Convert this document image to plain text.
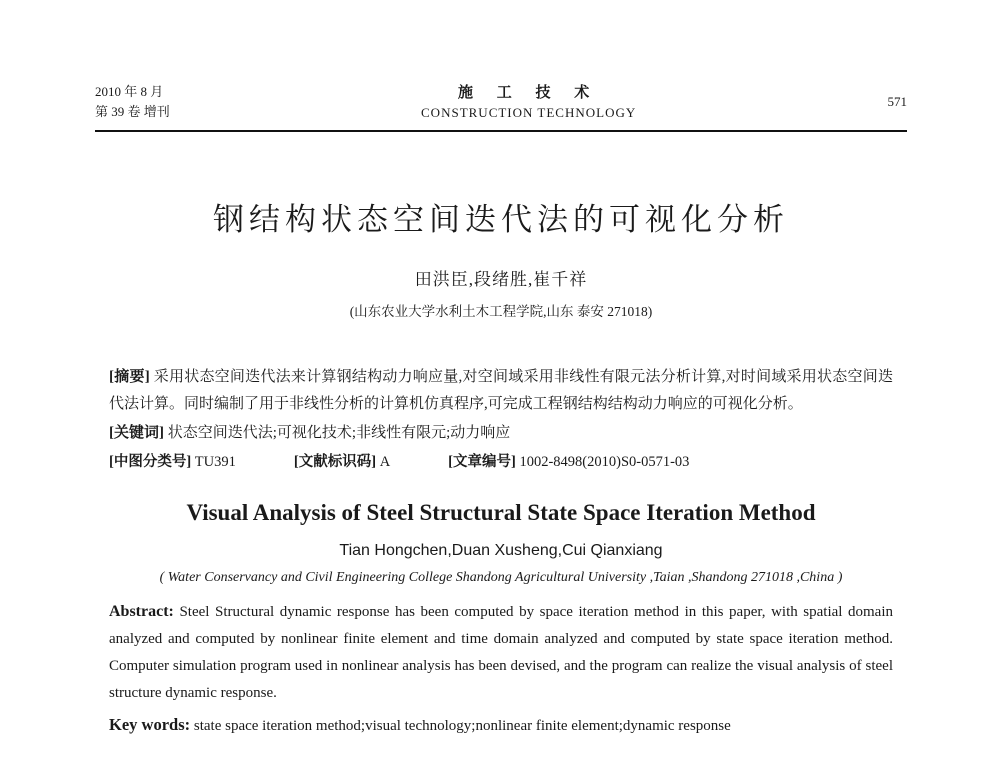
2010 年 8 月
第 39 卷 增刊
施 工 技 术
CONSTRUCTION TECHNOLOGY
571
钢结构状态空间迭代法的可视化分析
田洪臣,段绪胜,崔千祥
(山东农业大学水利土木工程学院,山东 泰安 271018)
[摘要] 采用状态空间迭代法来计算钢结构动力响应量,对空间域采用非线性有限元法分析计算,对时间域采用状态空间迭代法计算。同时编制了用于非线性分析的计算机仿真程序,可完成工程钢结构结构动力响应的可视化分析。
[关键词] 状态空间迭代法;可视化技术;非线性有限元;动力响应
[中图分类号] TU391	[文献标识码] A	[文章编号] 1002-8498(2010)S0-0571-03
Visual Analysis of Steel Structural State Space Iteration Method
Tian Hongchen,Duan Xusheng,Cui Qianxiang
( Water Conservancy and Civil Engineering College Shandong Agricultural University ,Taian ,Shandong 271018 ,China )
Abstract: Steel Structural dynamic response has been computed by space iteration method in this paper, with spatial domain analyzed and computed by nonlinear finite element and time domain analyzed and computed by state space iteration method. Computer simulation program used in nonlinear analysis has been devised, and the program can realize the visual analysis of steel structure dynamic response.
Key words: state space iteration method;visual technology;nonlinear finite element;dynamic response
